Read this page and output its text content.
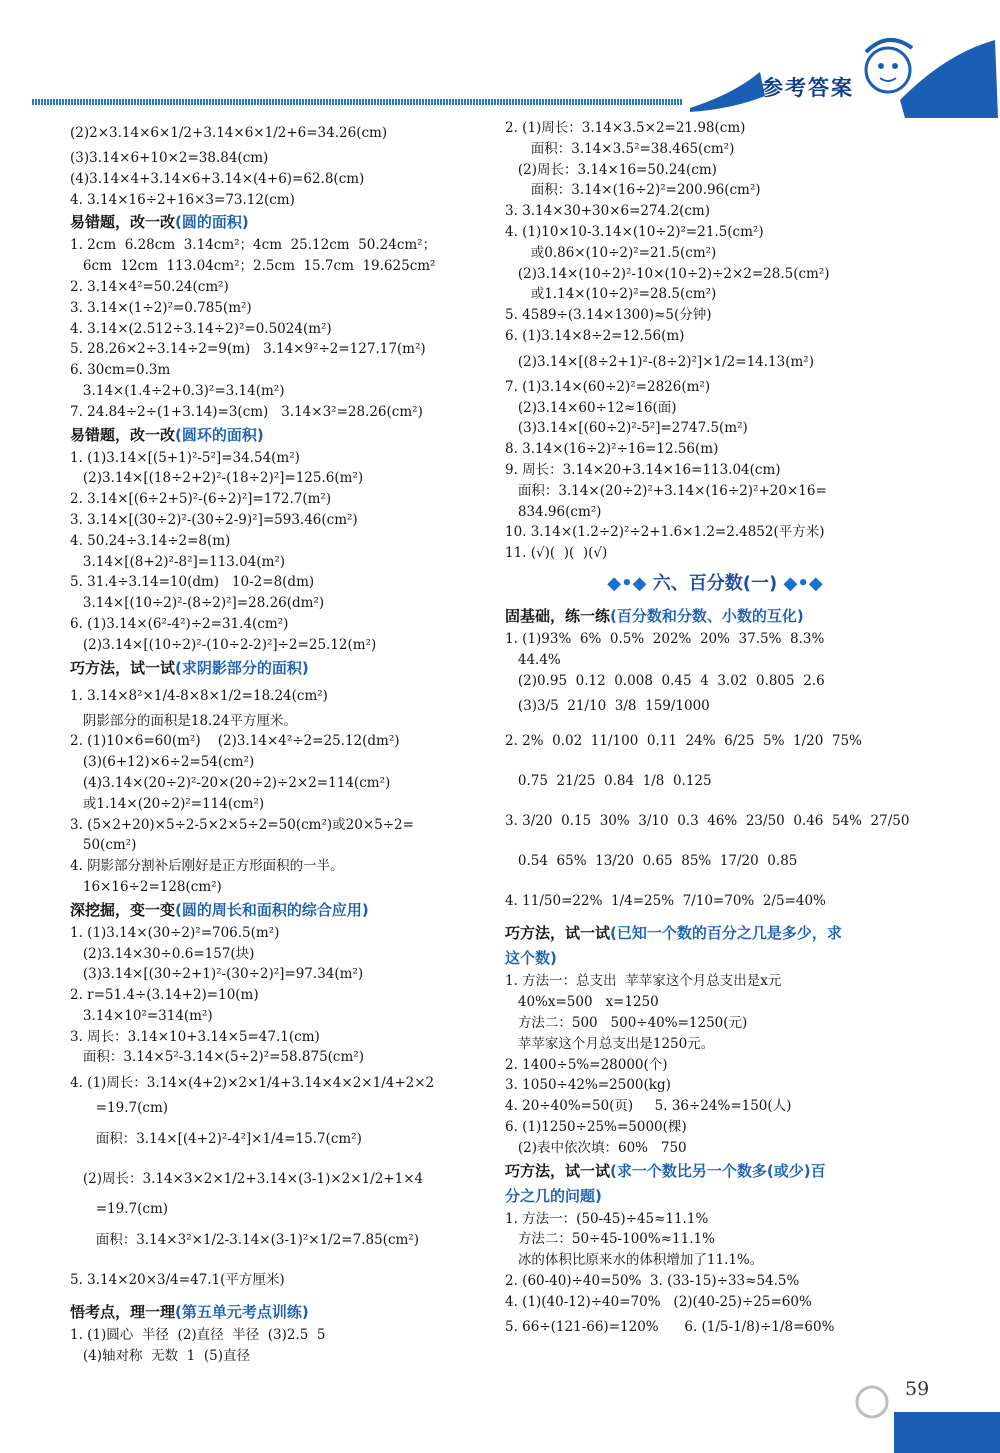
参考答案
(2)2×3.14×6×1/2+3.14×6×1/2+6=34.26(cm)
(3)3.14×6+10×2=38.84(cm)
(4)3.14×4+3.14×6+3.14×(4+6)=62.8(cm)
4. 3.14×16÷2+16×3=73.12(cm)
易错题，改一改(圆的面积)
1. 2cm  6.28cm  3.14cm²；4cm  25.12cm  50.24cm²；
6cm  12cm  113.04cm²；2.5cm  15.7cm  19.625cm²
2. 3.14×4²=50.24(cm²)
3. 3.14×(1÷2)²=0.785(m²)
4. 3.14×(2.512÷3.14÷2)²=0.5024(m²)
5. 28.26×2÷3.14÷2=9(m)   3.14×9²÷2=127.17(m²)
6. 30cm=0.3m
3.14×(1.4÷2+0.3)²=3.14(m²)
7. 24.84÷2÷(1+3.14)=3(cm)   3.14×3²=28.26(cm²)
易错题，改一改(圆环的面积)
1. (1)3.14×[(5+1)²-5²]=34.54(m²)
(2)3.14×[(18÷2+2)²-(18÷2)²]=125.6(m²)
2. 3.14×[(6÷2+5)²-(6÷2)²]=172.7(m²)
3. 3.14×[(30÷2)²-(30÷2-9)²]=593.46(cm²)
4. 50.24÷3.14÷2=8(m)
3.14×[(8+2)²-8²]=113.04(m²)
5. 31.4÷3.14=10(dm)   10-2=8(dm)
3.14×[(10÷2)²-(8÷2)²]=28.26(dm²)
6. (1)3.14×(6²-4²)÷2=31.4(cm²)
(2)3.14×[(10÷2)²-(10÷2-2)²]÷2=25.12(m²)
巧方法，试一试(求阴影部分的面积)
1. 3.14×8²×1/4-8×8×1/2=18.24(cm²)
阴影部分的面积是18.24平方厘米。
2. (1)10×6=60(m²)    (2)3.14×4²÷2=25.12(dm²)
(3)(6+12)×6÷2=54(cm²)
(4)3.14×(20÷2)²-20×(20÷2)÷2×2=114(cm²)
或1.14×(20÷2)²=114(cm²)
3. (5×2+20)×5÷2-5×2×5÷2=50(cm²)或20×5÷2=
50(cm²)
4. 阴影部分割补后刚好是正方形面积的一半。
16×16÷2=128(cm²)
深挖掘，变一变(圆的周长和面积的综合应用)
1. (1)3.14×(30÷2)²=706.5(m²)
(2)3.14×30÷0.6=157(块)
(3)3.14×[(30÷2+1)²-(30÷2)²]=97.34(m²)
2. r=51.4÷(3.14+2)=10(m)
3.14×10²=314(m²)
3. 周长：3.14×10+3.14×5=47.1(cm)
面积：3.14×5²-3.14×(5÷2)²=58.875(cm²)
4. (1)周长：3.14×(4+2)×2×1/4+3.14×4×2×1/4+2×2
=19.7(cm)
面积：3.14×[(4+2)²-4²]×1/4=15.7(cm²)
(2)周长：3.14×3×2×1/2+3.14×(3-1)×2×1/2+1×4
=19.7(cm)
面积：3.14×3²×1/2-3.14×(3-1)²×1/2=7.85(cm²)
5. 3.14×20×3/4=47.1(平方厘米)
悟考点，理一理(第五单元考点训练)
1. (1)圆心  半径  (2)直径  半径  (3)2.5  5
(4)轴对称  无数  1  (5)直径
2. (1)周长：3.14×3.5×2=21.98(cm)
面积：3.14×3.5²=38.465(cm²)
(2)周长：3.14×16=50.24(cm)
面积：3.14×(16÷2)²=200.96(cm²)
3. 3.14×30+30×6=274.2(cm)
4. (1)10×10-3.14×(10÷2)²=21.5(cm²)
或0.86×(10÷2)²=21.5(cm²)
(2)3.14×(10÷2)²-10×(10÷2)÷2×2=28.5(cm²)
或1.14×(10÷2)²=28.5(cm²)
5. 4589÷(3.14×1300)≈5(分钟)
6. (1)3.14×8÷2=12.56(m)
(2)3.14×[(8÷2+1)²-(8÷2)²]×1/2=14.13(m²)
7. (1)3.14×(60÷2)²=2826(m²)
(2)3.14×60÷12≈16(面)
(3)3.14×[(60÷2)²-5²]=2747.5(m²)
8. 3.14×(16÷2)²÷16=12.56(m)
9. 周长：3.14×20+3.14×16=113.04(cm)
面积：3.14×(20÷2)²+3.14×(16÷2)²+20×16=
834.96(cm²)
10. 3.14×(1.2÷2)²÷2+1.6×1.2=2.4852(平方米)
11. (√)(  )(  )(√)
◆•◆ 六、百分数(一) ◆•◆
固基础，练一练(百分数和分数、小数的互化)
1. (1)93%  6%  0.5%  202%  20%  37.5%  8.3%
44.4%
(2)0.95  0.12  0.008  0.45  4  3.02  0.805  2.6
(3)3/5  21/10  3/8  159/1000
2. 2%  0.02  11/100  0.11  24%  6/25  5%  1/20  75%
0.75  21/25  0.84  1/8  0.125
3. 3/20  0.15  30%  3/10  0.3  46%  23/50  0.46  54%  27/50
0.54  65%  13/20  0.65  85%  17/20  0.85
4. 11/50=22%  1/4=25%  7/10=70%  2/5=40%
巧方法，试一试(已知一个数的百分之几是多少，求
这个数)
1. 方法一：总支出  苹苹家这个月总支出是x元
40%x=500   x=1250
方法二：500   500÷40%=1250(元)
苹苹家这个月总支出是1250元。
2. 1400÷5%=28000(个)
3. 1050÷42%=2500(kg)
4. 20÷40%=50(页)     5. 36÷24%=150(人)
6. (1)1250÷25%=5000(棵)
(2)表中依次填：60%   750
巧方法，试一试(求一个数比另一个数多(或少)百
分之几的问题)
1. 方法一：(50-45)÷45≈11.1%
方法二：50÷45-100%≈11.1%
冰的体积比原来水的体积增加了11.1%。
2. (60-40)÷40=50%  3. (33-15)÷33≈54.5%
4. (1)(40-12)÷40=70%   (2)(40-25)÷25=60%
5. 66÷(121-66)=120%      6. (1/5-1/8)÷1/8=60%
59
